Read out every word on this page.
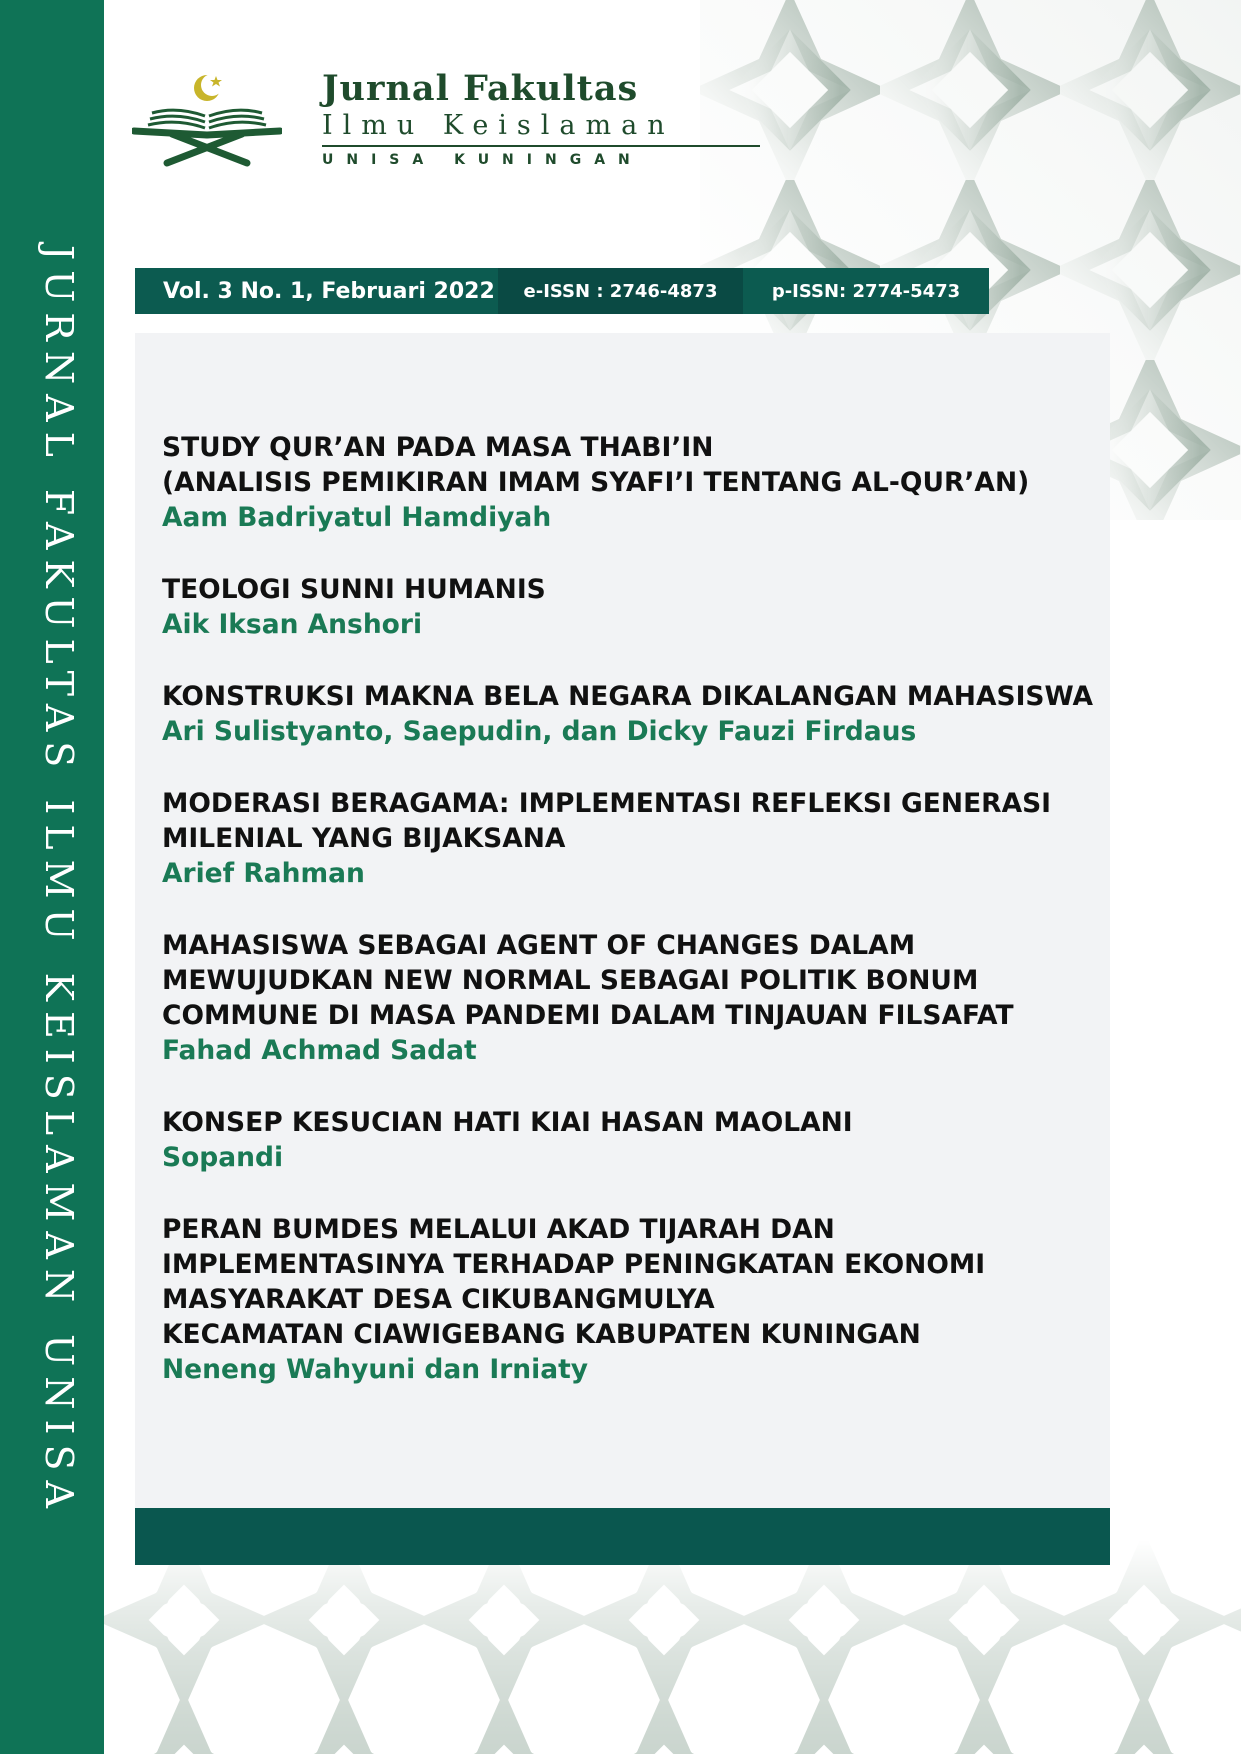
JURNAL FAKULTAS ILMU KEISLAMAN UNISA
Jurnal Fakultas
Ilmu Keislaman
UNISA KUNINGAN
Vol. 3 No. 1, Februari 2022	e-ISSN : 2746-4873	p-ISSN: 2774-5473
STUDY QUR’AN PADA MASA THABI’IN
(ANALISIS PEMIKIRAN IMAM SYAFI’I TENTANG AL-QUR’AN)
Aam Badriyatul Hamdiyah
TEOLOGI SUNNI HUMANIS
Aik Iksan Anshori
KONSTRUKSI MAKNA BELA NEGARA DIKALANGAN MAHASISWA
Ari Sulistyanto, Saepudin, dan Dicky Fauzi Firdaus
MODERASI BERAGAMA: IMPLEMENTASI REFLEKSI GENERASI
MILENIAL YANG BIJAKSANA
Arief Rahman
MAHASISWA SEBAGAI AGENT OF CHANGES DALAM
MEWUJUDKAN NEW NORMAL SEBAGAI POLITIK BONUM
COMMUNE DI MASA PANDEMI DALAM TINJAUAN FILSAFAT
Fahad Achmad Sadat
KONSEP KESUCIAN HATI KIAI HASAN MAOLANI
Sopandi
PERAN BUMDES MELALUI AKAD TIJARAH DAN
IMPLEMENTASINYA TERHADAP PENINGKATAN EKONOMI
MASYARAKAT DESA CIKUBANGMULYA
KECAMATAN CIAWIGEBANG KABUPATEN KUNINGAN
Neneng Wahyuni dan Irniaty
